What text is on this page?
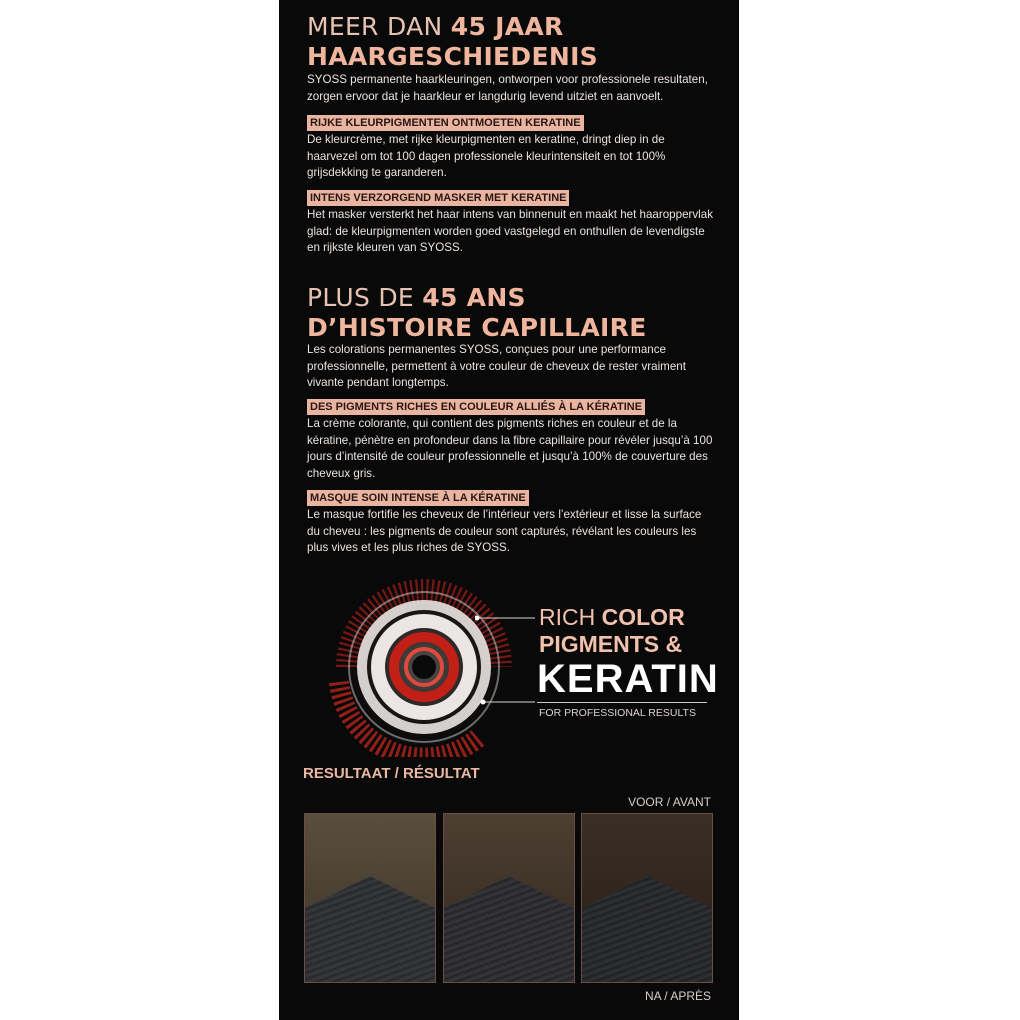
MEER DAN 45 JAAR
HAARGESCHIEDENIS
SYOSS permanente haarkleuringen, ontworpen voor professionele resultaten, zorgen ervoor dat je haarkleur er langdurig levend uitziet en aanvoelt.
RIJKE KLEURPIGMENTEN ONTMOETEN KERATINE
De kleurcrème, met rijke kleurpigmenten en keratine, dringt diep in de haarvezel om tot 100 dagen professionele kleurintensiteit en tot 100% grijsdekking te garanderen.
INTENS VERZORGEND MASKER MET KERATINE
Het masker versterkt het haar intens van binnenuit en maakt het haaroppervlak glad: de kleurpigmenten worden goed vastgelegd en onthullen de levendigste en rijkste kleuren van SYOSS.
PLUS DE 45 ANS
D’HISTOIRE CAPILLAIRE
Les colorations permanentes SYOSS, conçues pour une performance professionnelle, permettent à votre couleur de cheveux de rester vraiment vivante pendant longtemps.
DES PIGMENTS RICHES EN COULEUR ALLIÉS À LA KÉRATINE
La crème colorante, qui contient des pigments riches en couleur et de la kératine, pénètre en profondeur dans la fibre capillaire pour révéler jusqu’à 100 jours d’intensité de couleur professionnelle et jusqu’à 100% de couverture des cheveux gris.
MASQUE SOIN INTENSE À LA KÉRATINE
Le masque fortifie les cheveux de l’intérieur vers l’extérieur et lisse la surface du cheveu : les pigments de couleur sont capturés, révélant les couleurs les plus vives et les plus riches de SYOSS.
RICH COLOR
PIGMENTS &
KERATIN
FOR PROFESSIONAL RESULTS
RESULTAAT / RÉSULTAT
VOOR / AVANT
NA / APRÈS
